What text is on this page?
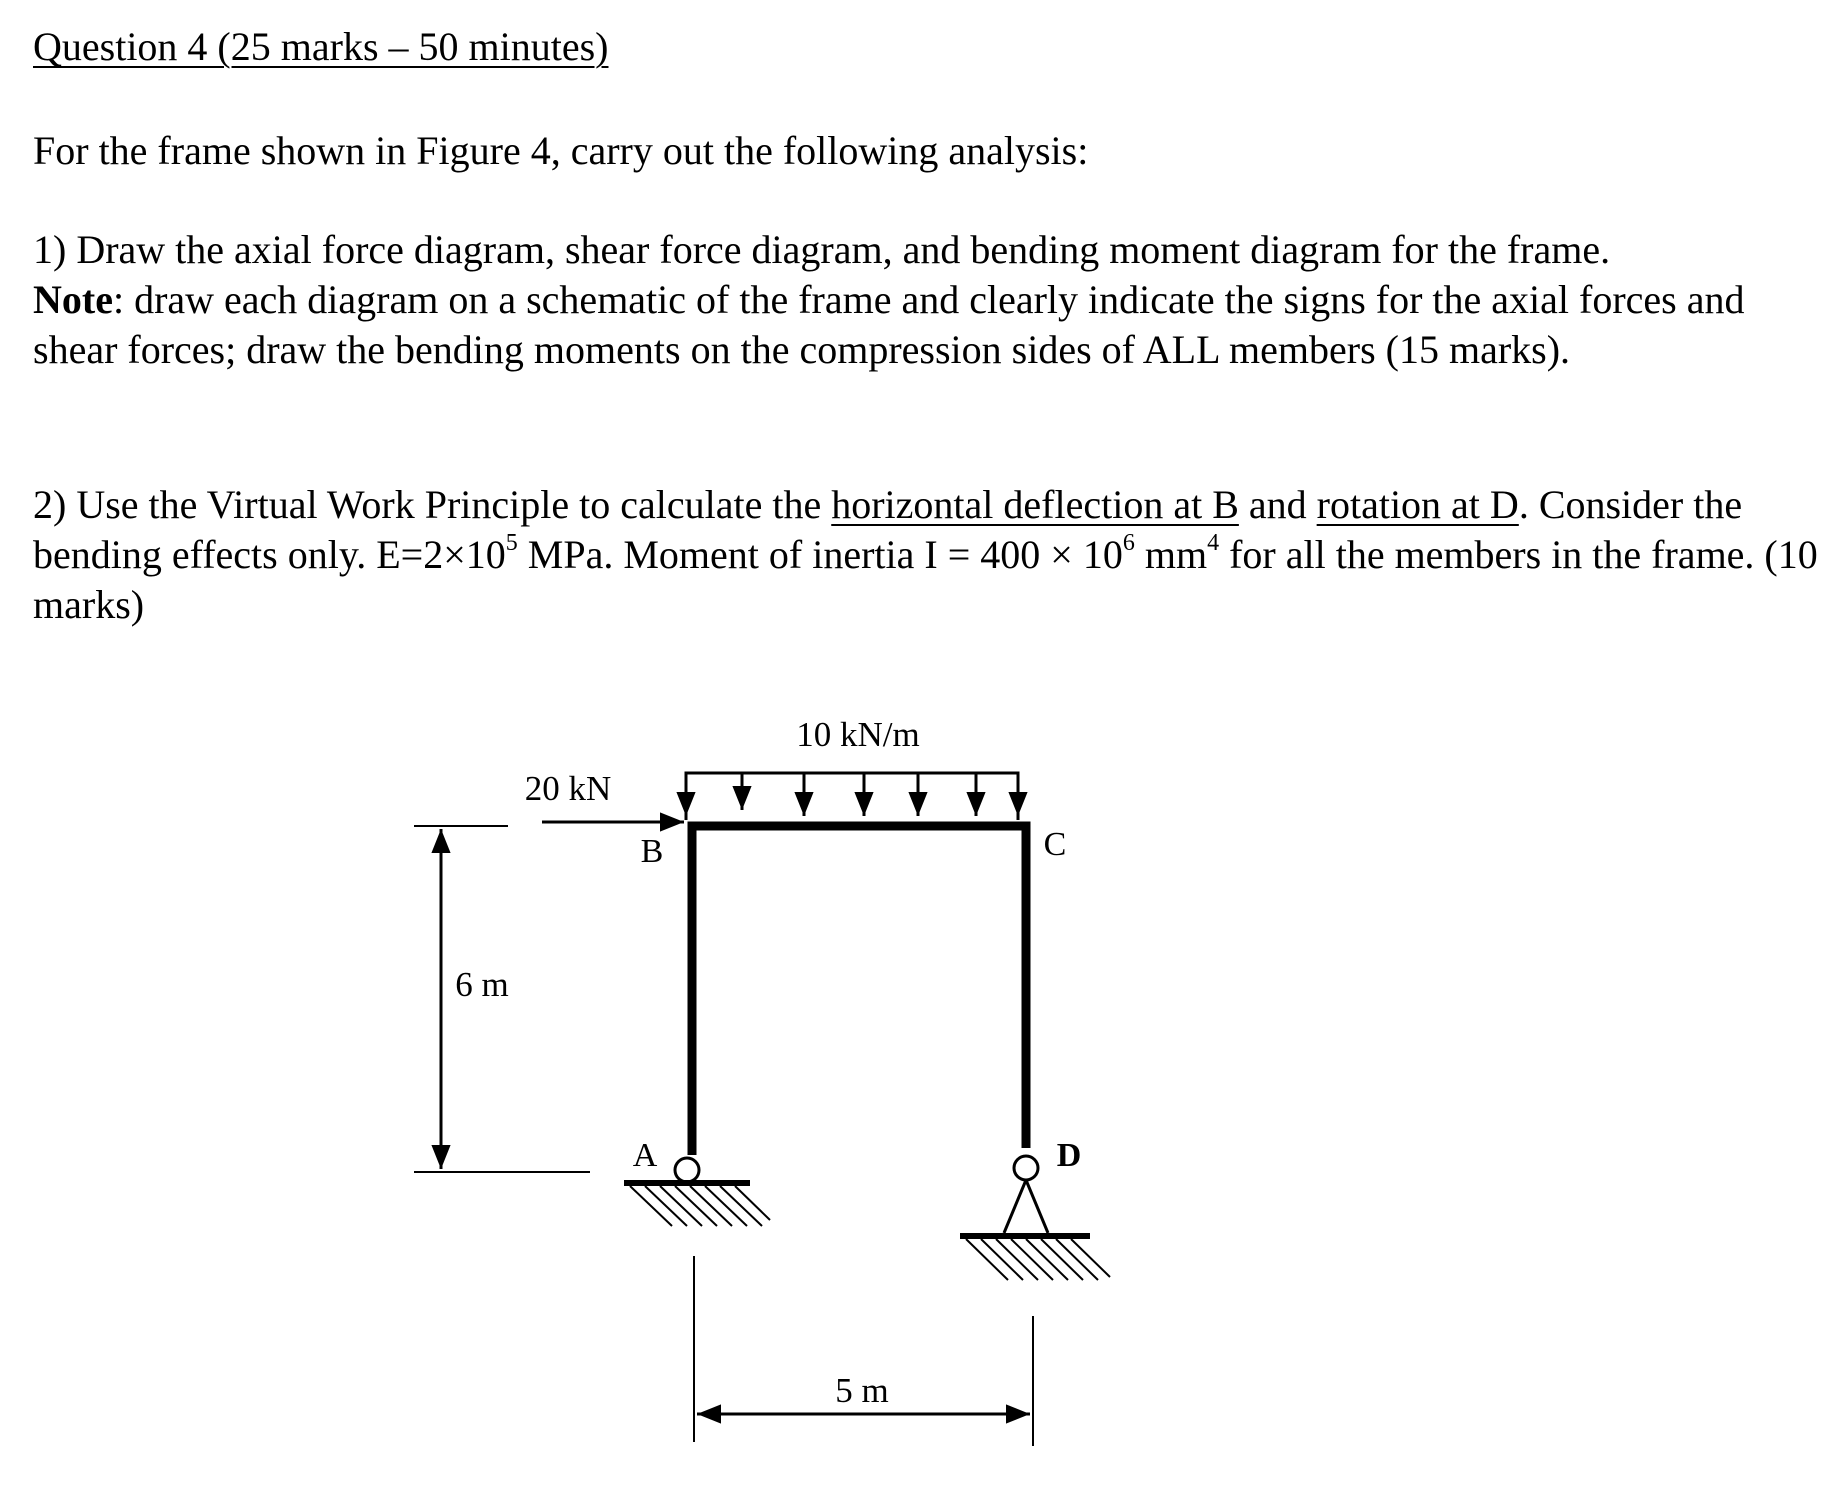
Question 4 (25 marks – 50 minutes)
For the frame shown in Figure 4, carry out the following analysis:
1) Draw the axial force diagram, shear force diagram, and bending moment diagram for the frame.
Note: draw each diagram on a schematic of the frame and clearly indicate the signs for the axial forces and shear forces; draw the bending moments on the compression sides of ALL members (15 marks).
2) Use the Virtual Work Principle to calculate the horizontal deflection at B and rotation at D. Consider the bending effects only. $E=2\times 10^5$ MPa. Moment of inertia $I = 400 \times 10^6$ $mm^4$ for all the members in the frame. (10 marks)
10 kN/m
20 kN
B	C
A	D
6 m
5 m
